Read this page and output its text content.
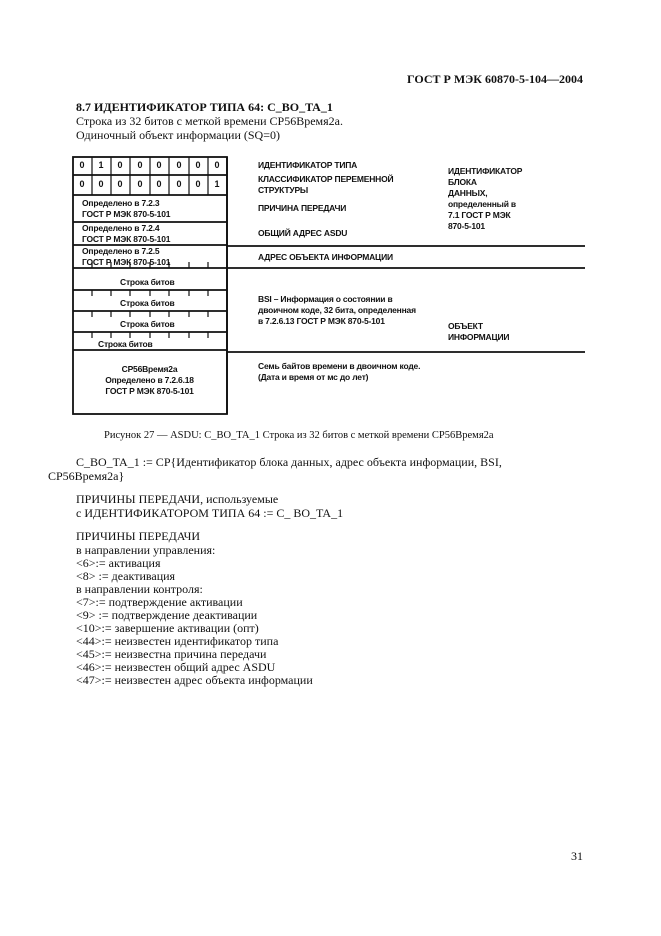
ГОСТ Р МЭК 60870-5-104—2004
8.7 ИДЕНТИФИКАТОР ТИПА 64: C_BO_TA_1
Строка из 32 битов с меткой времени СР56Время2а.
Одиночный объект информации (SQ=0)
0	1	0	0	0	0	0	0
0	0	0	0	0	0	0	1
Определено в 7.2.3
ГОСТ Р МЭК 870-5-101
Определено в 7.2.4
ГОСТ Р МЭК 870-5-101
Определено в 7.2.5
ГОСТ Р МЭК 870-5-101
Строка битов
Строка битов
Строка битов
Строка битов
СР56Время2а
Определено в 7.2.6.18
ГОСТ Р МЭК 870-5-101
ИДЕНТИФИКАТОР ТИПА
КЛАССИФИКАТОР ПЕРЕМЕННОЙ
СТРУКТУРЫ
ПРИЧИНА ПЕРЕДАЧИ
ОБЩИЙ АДРЕС ASDU
АДРЕС ОБЪЕКТА ИНФОРМАЦИИ
BSI – Информация о состоянии в
двоичном коде, 32 бита, определенная
в 7.2.6.13 ГОСТ Р МЭК 870-5-101
Семь байтов времени в двоичном коде.
(Дата и время от мс до лет)
ИДЕНТИФИКАТОР
БЛОКА
ДАННЫХ,
определенный в
7.1 ГОСТ Р МЭК
870-5-101
ОБЪЕКТ
ИНФОРМАЦИИ
Рисунок 27 — ASDU: C_BO_TA_1 Строка из 32 битов с меткой времени СР56Время2а
C_BO_TA_1 := CP{Идентификатор блока данных, адрес объекта информации, BSI,
CP56Время2а}
ПРИЧИНЫ ПЕРЕДАЧИ, используемые
с ИДЕНТИФИКАТОРОМ ТИПА 64 := C_ BO_TA_1
ПРИЧИНЫ ПЕРЕДАЧИ
в направлении управления:
<6>:= активация
<8> := деактивация
в направлении контроля:
<7>:= подтверждение активации
<9> := подтверждение деактивации
<10>:= завершение активации (опт)
<44>:= неизвестен идентификатор типа
<45>:= неизвестна причина передачи
<46>:= неизвестен общий адрес ASDU
<47>:= неизвестен адрес объекта информации
31
